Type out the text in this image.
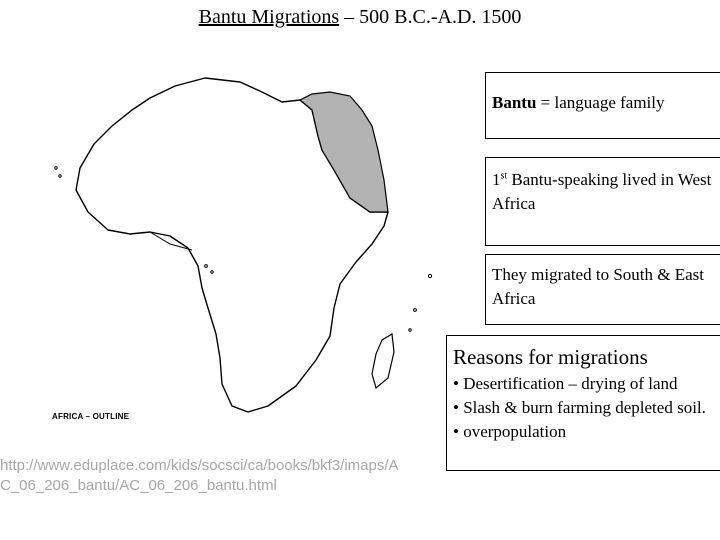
Bantu Migrations – 500 B.C.-A.D. 1500
AFRICA – OUTLINE
Bantu = language family
1st Bantu-speaking lived in West Africa
They migrated to South & East Africa
Reasons for migrations
• Desertification – drying of land
• Slash & burn farming depleted soil.
• overpopulation
http://www.eduplace.com/kids/socsci/ca/books/bkf3/imaps/AC_06_206_bantu/AC_06_206_bantu.html
